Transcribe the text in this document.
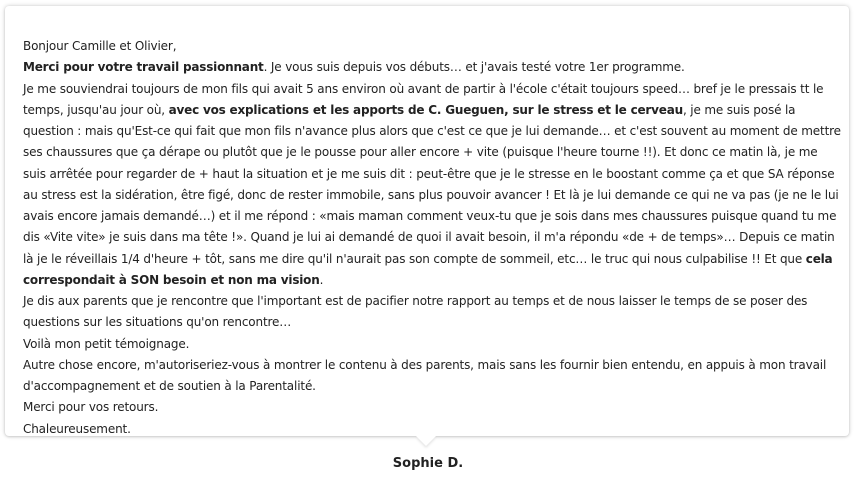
Bonjour Camille et Olivier,

Merci pour votre travail passionnant. Je vous suis depuis vos débuts… et j'avais testé votre 1er programme.

Je me souviendrai toujours de mon fils qui avait 5 ans environ où avant de partir à l'école c'était toujours speed… bref je le pressais tt le temps, jusqu'au jour où, avec vos explications et les apports de C. Gueguen, sur le stress et le cerveau, je me suis posé la question : mais qu'Est-ce qui fait que mon fils n'avance plus alors que c'est ce que je lui demande… et c'est souvent au moment de mettre ses chaussures que ça dérape ou plutôt que je le pousse pour aller encore + vite (puisque l'heure tourne !!). Et donc ce matin là, je me suis arrêtée pour regarder de + haut la situation et je me suis dit : peut-être que je le stresse en le boostant comme ça et que SA réponse au stress est la sidération, être figé, donc de rester immobile, sans plus pouvoir avancer ! Et là je lui demande ce qui ne va pas (je ne le lui avais encore jamais demandé…) et il me répond : «mais maman comment veux-tu que je sois dans mes chaussures puisque quand tu me dis «Vite vite» je suis dans ma tête !». Quand je lui ai demandé de quoi il avait besoin, il m'a répondu «de + de temps»… Depuis ce matin là je le réveillais 1/4 d'heure + tôt, sans me dire qu'il n'aurait pas son compte de sommeil, etc… le truc qui nous culpabilise !! Et que cela correspondait à SON besoin et non ma vision.

Je dis aux parents que je rencontre que l'important est de pacifier notre rapport au temps et de nous laisser le temps de se poser des questions sur les situations qu'on rencontre…

Voilà mon petit témoignage.

Autre chose encore, m'autoriseriez-vous à montrer le contenu à des parents, mais sans les fournir bien entendu, en appuis à mon travail d'accompagnement et de soutien à la Parentalité.

Merci pour vos retours.

Chaleureusement.

Sophie D.
